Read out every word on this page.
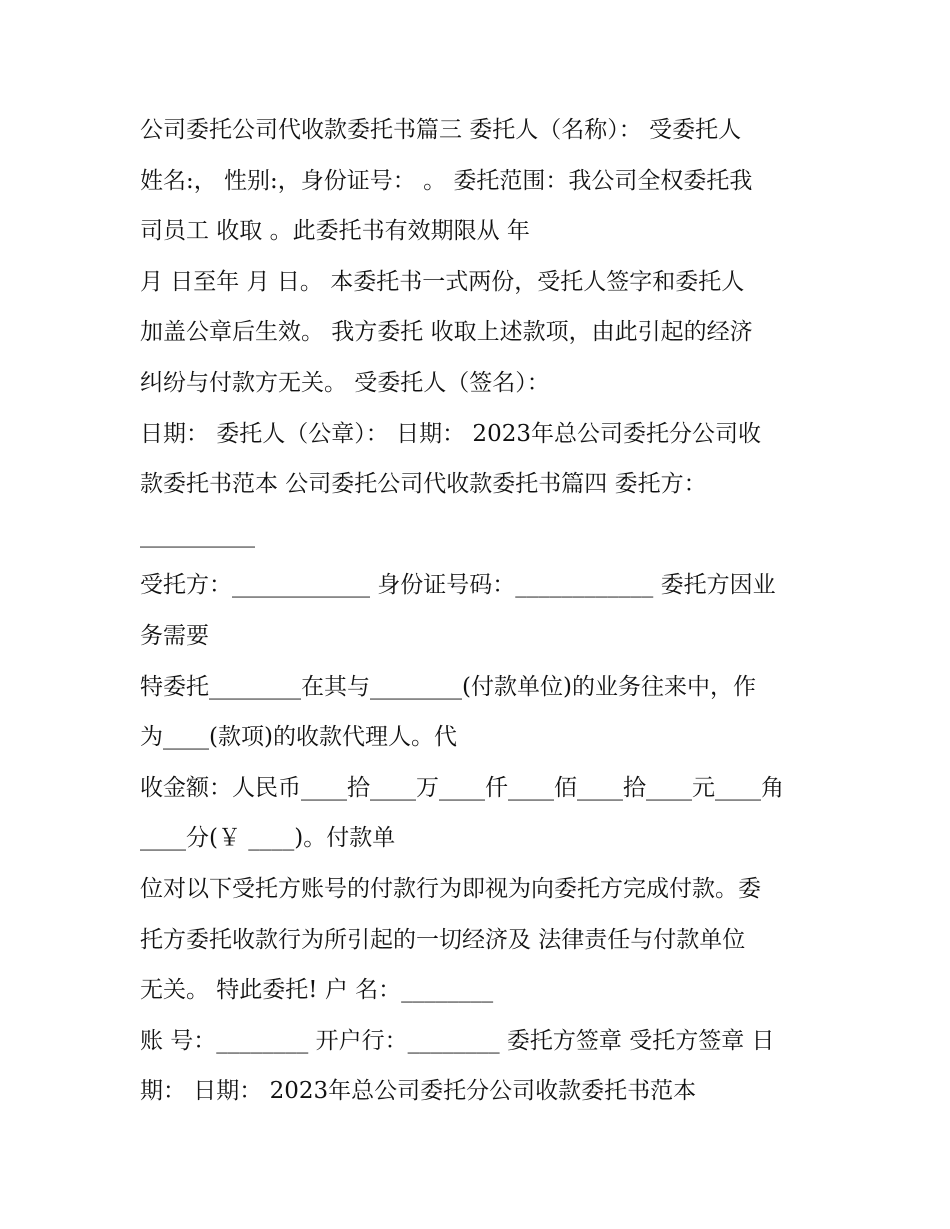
公司委托公司代收款委托书篇三 委托人（名称）： 受委托人
姓名:， 性别:，身份证号： 。 委托范围：我公司全权委托我
司员工 收取 。此委托书有效期限从 年
月 日至年 月 日。 本委托书一式两份，受托人签字和委托人
加盖公章后生效。 我方委托 收取上述款项，由此引起的经济
纠纷与付款方无关。 受委托人（签名）：
日期： 委托人（公章）： 日期： 2023年总公司委托分公司收
款委托书范本 公司委托公司代收款委托书篇四 委托方：
__________
受托方：____________ 身份证号码：____________ 委托方因业
务需要
特委托________在其与________(付款单位)的业务往来中，作
为____(款项)的收款代理人。代
收金额：人民币____拾____万____仟____佰____拾____元____角
____分(￥ ____)。付款单
位对以下受托方账号的付款行为即视为向委托方完成付款。委
托方委托收款行为所引起的一切经济及 法律责任与付款单位
无关。 特此委托! 户 名：________
账 号：________ 开户行：________ 委托方签章 受托方签章 日
期： 日期： 2023年总公司委托分公司收款委托书范本
